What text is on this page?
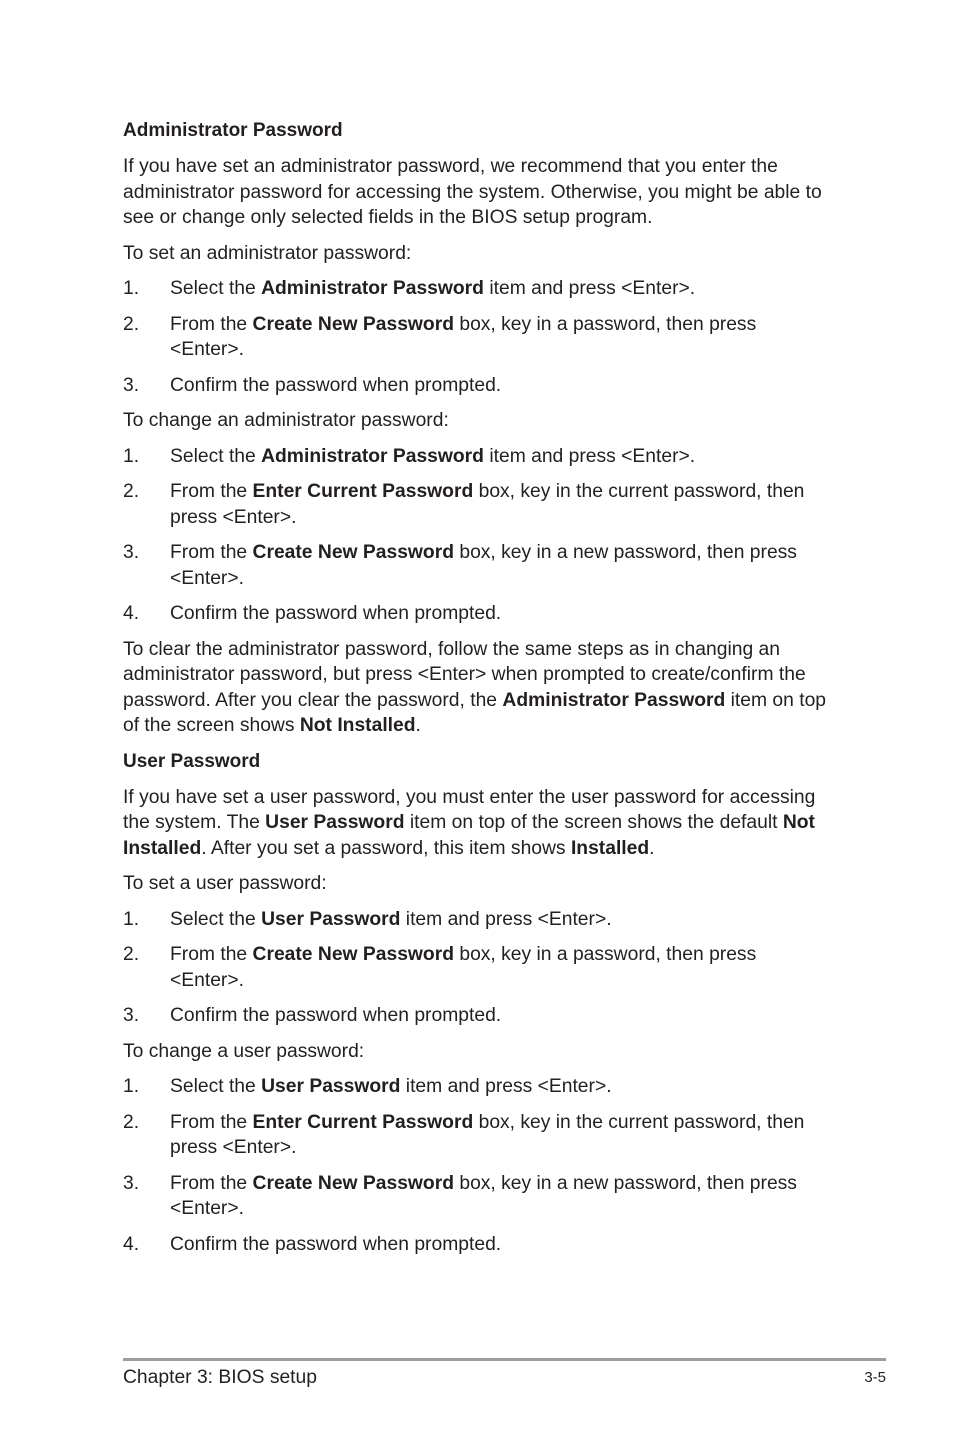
Administrator Password
If you have set an administrator password, we recommend that you enter the administrator password for accessing the system. Otherwise, you might be able to see or change only selected fields in the BIOS setup program.
To set an administrator password:
1.	Select the Administrator Password item and press <Enter>.
2.	From the Create New Password box, key in a password, then press <Enter>.
3.	Confirm the password when prompted.
To change an administrator password:
1.	Select the Administrator Password item and press <Enter>.
2.	From the Enter Current Password box, key in the current password, then press <Enter>.
3.	From the Create New Password box, key in a new password, then press <Enter>.
4.	Confirm the password when prompted.
To clear the administrator password, follow the same steps as in changing an administrator password, but press <Enter> when prompted to create/confirm the password. After you clear the password, the Administrator Password item on top of the screen shows Not Installed.
User Password
If you have set a user password, you must enter the user password for accessing the system. The User Password item on top of the screen shows the default Not Installed. After you set a password, this item shows Installed.
To set a user password:
1.	Select the User Password item and press <Enter>.
2.	From the Create New Password box, key in a password, then press <Enter>.
3.	Confirm the password when prompted.
To change a user password:
1.	Select the User Password item and press <Enter>.
2.	From the Enter Current Password box, key in the current password, then press <Enter>.
3.	From the Create New Password box, key in a new password, then press <Enter>.
4.	Confirm the password when prompted.
Chapter 3: BIOS setup	3-5
